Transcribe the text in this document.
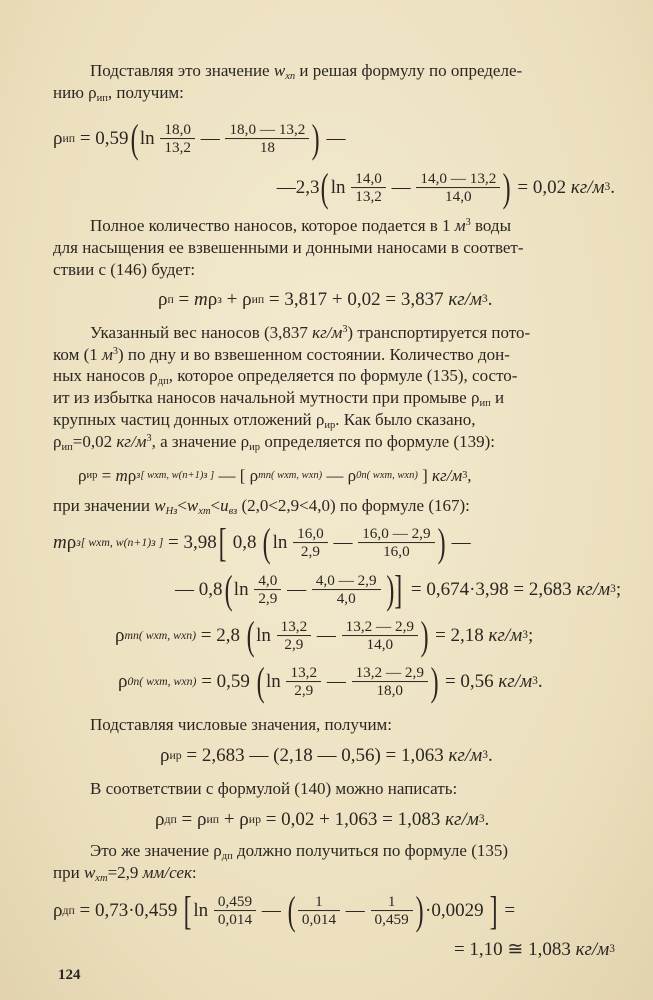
Подставляя это значение wхп и решая формулу по определе-
нию ρип, получим:
ρ ип = 0,59 ( $\ln \frac{18,0}{13,2}$ — $\frac{18,0 — 13,2}{18}$ ) —
—2,3 ( $\ln \frac{14,0}{13,2}$ — $\frac{14,0 — 13,2}{14,0}$ ) = 0,02 кг/м 3 .
Полное количество наносов, которое подается в 1 м3 воды
для насыщения ее взвешенными и донными наносами в соответ-
ствии с (146) будет:
ρ п = m ρ з + ρ ип = 3,817 + 0,02 = 3,837 кг/м 3 .
Указанный вес наносов (3,837 кг/м3) транспортируется пото-
ком (1 м3) по дну и во взвешенном состоянии. Количество дон-
ных наносов ρдп, которое определяется по формуле (135), состо-
ит из избытка наносов начальной мутности при промыве ρип и
крупных частиц донных отложений ρир. Как было сказано,
ρип=0,02 кг/м3, а значение ρир определяется по формуле (139):
ρ ир = m ρ з[ wxm, w(n+1)з ] — [ ρ тп( wxm, wxп) — ρ 0п( wxm, wxп) ] кг/м 3 ,
при значении wНз<wxm<uвз (2,0<2,9<4,0) по формуле (167):
m ρ з[ wxm, w(n+1)з ] = 3,98 [ 0,8 ( $\ln \frac{16,0}{2,9}$ — $\frac{16,0 — 2,9}{16,0}$ ) —
— 0,8 ( $\ln \frac{4,0}{2,9}$ — $\frac{4,0 — 2,9}{4,0}$ )] = 0,674·3,98 = 2,683 кг/м 3 ;
ρ тп( wxm, wxп) = 2,8 ( $\ln \frac{13,2}{2,9}$ — $\frac{13,2 — 2,9}{14,0}$ ) = 2,18 кг/м 3 ;
ρ 0п( wxm, wxп) = 0,59 ( $\ln \frac{13,2}{2,9}$ — $\frac{13,2 — 2,9}{18,0}$ ) = 0,56 кг/м 3 .
Подставляя числовые значения, получим:
ρ ир = 2,683 — (2,18 — 0,56) = 1,063 кг/м 3 .
В соответствии с формулой (140) можно написать:
ρ дп = ρ ип + ρ ир = 0,02 + 1,063 = 1,083 кг/м 3 .
Это же значение ρдп должно получиться по формуле (135)
при wxm=2,9 мм/сек:
ρ дп = 0,73·0,459 [ $\ln \frac{0,459}{0,014}$ — ( $\frac{1}{0,014}$ — $\frac{1}{0,459}$ ) ·0,0029 ] =
= 1,10 ≅ 1,083 кг/м 3
124
